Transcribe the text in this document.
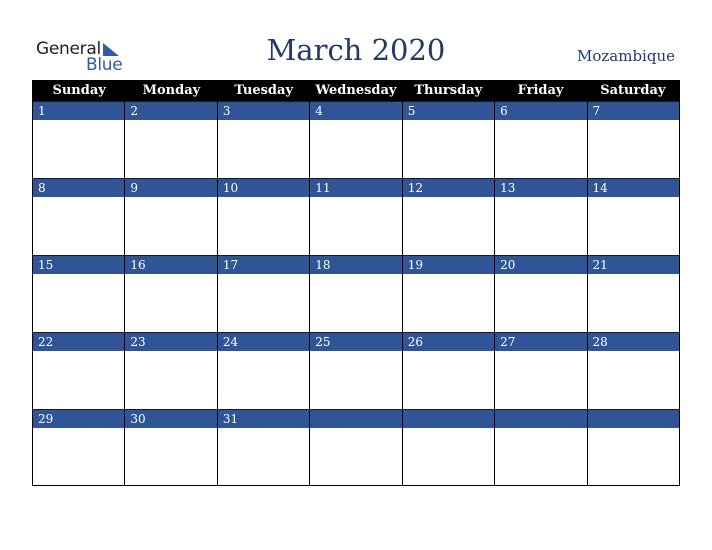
General
Blue	March 2020	Mozambique
Sunday	Monday	Tuesday	Wednesday	Thursday	Friday	Saturday
1	2	3	4	5	6	7
8	9	10	11	12	13	14
15	16	17	18	19	20	21
22	23	24	25	26	27	28
29	30	31
